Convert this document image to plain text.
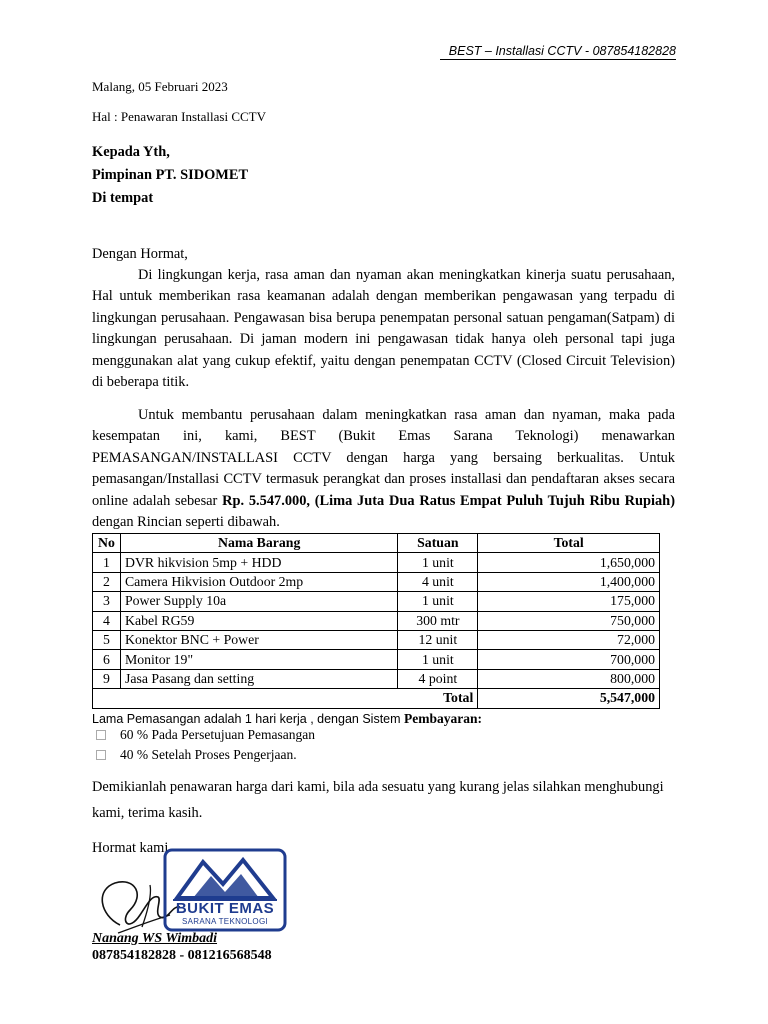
BEST – Installasi CCTV - 087854182828
Malang, 05 Februari 2023
Hal : Penawaran Installasi CCTV
Kepada Yth,
Pimpinan PT. SIDOMET
Di tempat
Dengan Hormat,
Di lingkungan kerja, rasa aman dan nyaman akan meningkatkan kinerja suatu perusahaan, Hal untuk memberikan rasa keamanan adalah dengan memberikan pengawasan yang terpadu di lingkungan perusahaan. Pengawasan bisa berupa penempatan personal satuan pengaman(Satpam) di lingkungan perusahaan. Di jaman modern ini pengawasan tidak hanya oleh personal tapi juga menggunakan alat yang cukup efektif, yaitu dengan penempatan CCTV (Closed Circuit Television) di beberapa titik.
Untuk membantu perusahaan dalam meningkatkan rasa aman dan nyaman, maka pada kesempatan ini, kami, BEST (Bukit Emas Sarana Teknologi) menawarkan PEMASANGAN/INSTALLASI CCTV dengan harga yang bersaing berkualitas. Untuk pemasangan/Installasi CCTV termasuk perangkat dan proses installasi dan pendaftaran akses secara online adalah sebesar Rp. 5.547.000, (Lima Juta Dua Ratus Empat Puluh Tujuh Ribu Rupiah) dengan Rincian seperti dibawah.
No	Nama Barang	Satuan	Total
1	DVR hikvision 5mp + HDD	1 unit	1,650,000
2	Camera Hikvision Outdoor 2mp	4 unit	1,400,000
3	Power Supply 10a	1 unit	175,000
4	Kabel RG59	300 mtr	750,000
5	Konektor BNC + Power	12 unit	72,000
6	Monitor 19"	1 unit	700,000
9	Jasa Pasang dan setting	4 point	800,000
Total			5,547,000
Lama Pemasangan adalah 1 hari kerja , dengan Sistem Pembayaran:
60 % Pada Persetujuan Pemasangan
40 % Setelah Proses Pengerjaan.
Demikianlah penawaran harga dari kami, bila ada sesuatu yang kurang jelas silahkan menghubungi kami, terima kasih.
Hormat kami
BUKIT EMAS
SARANA TEKNOLOGI
Nanang WS Wimbadi
087854182828 - 081216568548
